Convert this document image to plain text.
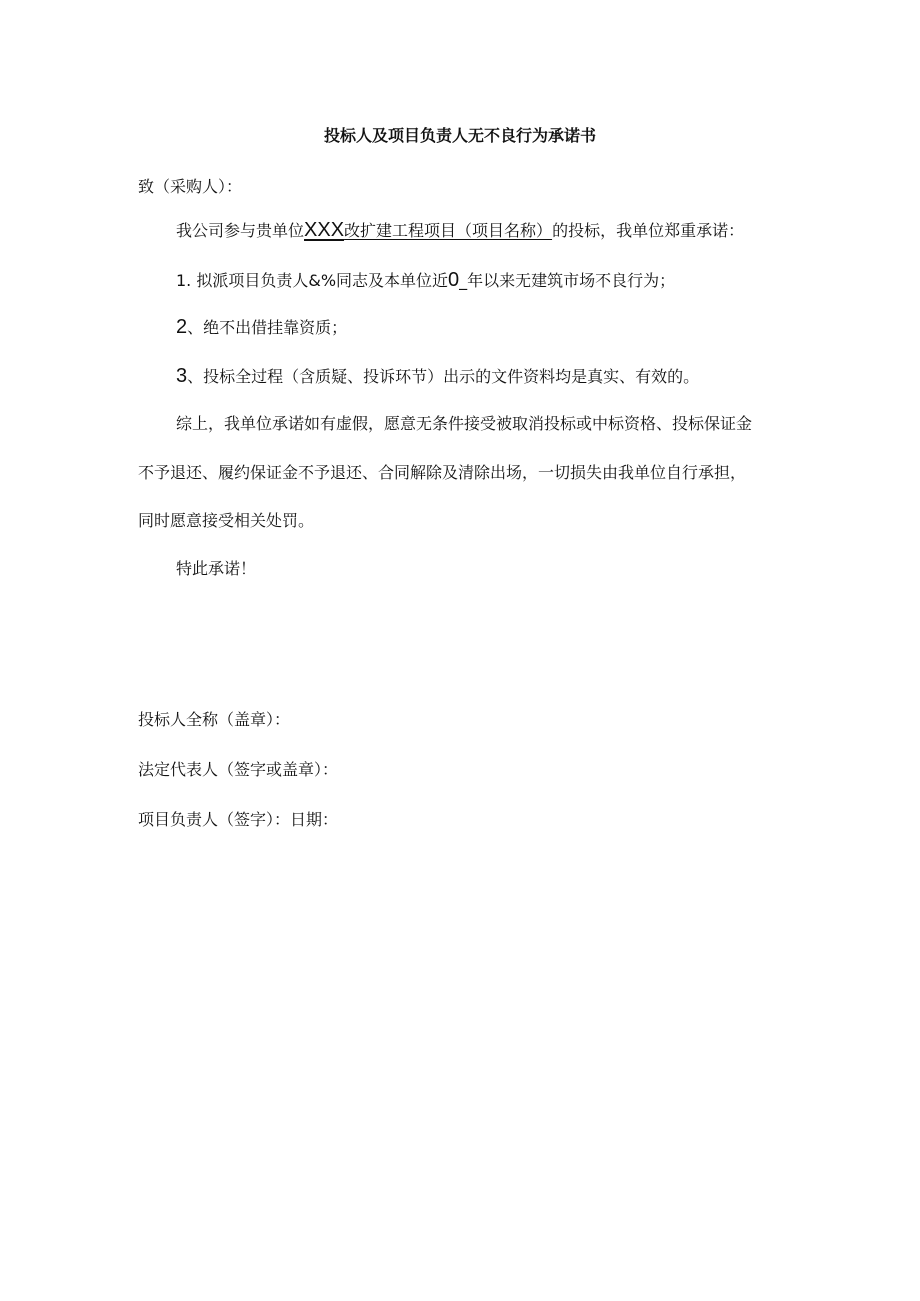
投标人及项目负责人无不良行为承诺书
致（采购人）：
我公司参与贵单位XXX改扩建工程项目（项目名称）的投标，我单位郑重承诺：
1. 拟派项目负责人&%同志及本单位近0_年以来无建筑市场不良行为；
2、绝不出借挂靠资质；
3、投标全过程（含质疑、投诉环节）出示的文件资料均是真实、有效的。
综上，我单位承诺如有虚假，愿意无条件接受被取消投标或中标资格、投标保证金
不予退还、履约保证金不予退还、合同解除及清除出场，一切损失由我单位自行承担，
同时愿意接受相关处罚。
特此承诺！
投标人全称（盖章）：
法定代表人（签字或盖章）：
项目负责人（签字）：日期：
